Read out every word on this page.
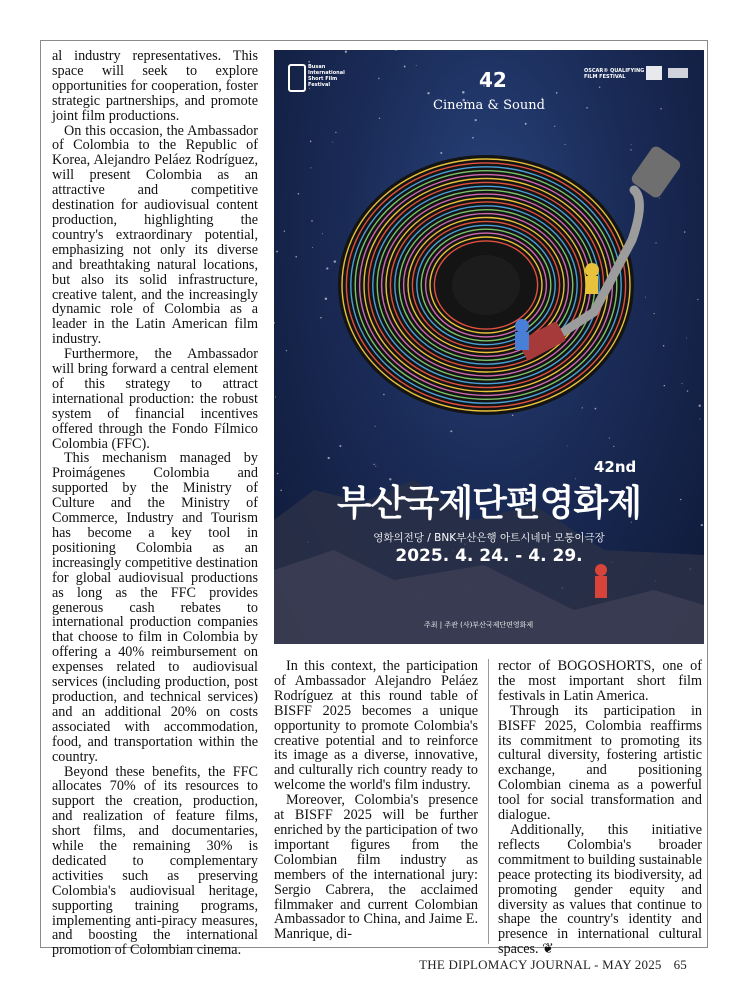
al industry representatives. This space will seek to explore opportunities for cooperation, foster strategic partnerships, and promote joint film productions.

On this occasion, the Ambassador of Colombia to the Republic of Korea, Alejandro Peláez Rodríguez, will present Colombia as an attractive and competitive destination for audiovisual content production, highlighting the country's extraordinary potential, emphasizing not only its diverse and breathtaking natural locations, but also its solid infrastructure, creative talent, and the increasingly dynamic role of Colombia as a leader in the Latin American film industry.

Furthermore, the Ambassador will bring forward a central element of this strategy to attract international production: the robust system of financial incentives offered through the Fondo Fílmico Colombia (FFC).

This mechanism managed by Proimágenes Colombia and supported by the Ministry of Culture and the Ministry of Commerce, Industry and Tourism has become a key tool in positioning Colombia as an increasingly competitive destination for global audiovisual productions as long as the FFC provides generous cash rebates to international production companies that choose to film in Colombia by offering a 40% reimbursement on expenses related to audiovisual services (including production, post production, and technical services) and an additional 20% on costs associated with accommodation, food, and transportation within the country.

Beyond these benefits, the FFC allocates 70% of its resources to support the creation, production, and realization of feature films, short films, and documentaries, while the remaining 30% is dedicated to complementary activities such as preserving Colombia's audiovisual heritage, supporting training programs, implementing anti-piracy measures, and boosting the international promotion of Colombian cinema.

Busan International Short Film Festival	42
Cinema & Sound
OSCAR® QUALIFYING FILM FESTIVAL
42nd
부산국제단편영화제
영화의전당 / BNK부산은행 아트시네마 모퉁이극장
2025. 4. 24. - 4. 29.
주최 | 주관 (사)부산국제단편영화제

In this context, the participation of Ambassador Alejandro Peláez Rodríguez at this round table of BISFF 2025 becomes a unique opportunity to promote Colombia's creative potential and to reinforce its image as a diverse, innovative, and culturally rich country ready to welcome the world's film industry.

Moreover, Colombia's presence at BISFF 2025 will be further enriched by the participation of two important figures from the Colombian film industry as members of the international jury: Sergio Cabrera, the acclaimed filmmaker and current Colombian Ambassador to China, and Jaime E. Manrique, di-

rector of BOGOSHORTS, one of the most important short film festivals in Latin America.

Through its participation in BISFF 2025, Colombia reaffirms its commitment to promoting its cultural diversity, fostering artistic exchange, and positioning Colombian cinema as a powerful tool for social transformation and dialogue.

Additionally, this initiative reflects Colombia's broader commitment to building sustainable peace protecting its biodiversity, ad promoting gender equity and diversity as values that continue to shape the country's identity and presence in international cultural spaces. ❦

THE DIPLOMACY JOURNAL - MAY 2025 65
